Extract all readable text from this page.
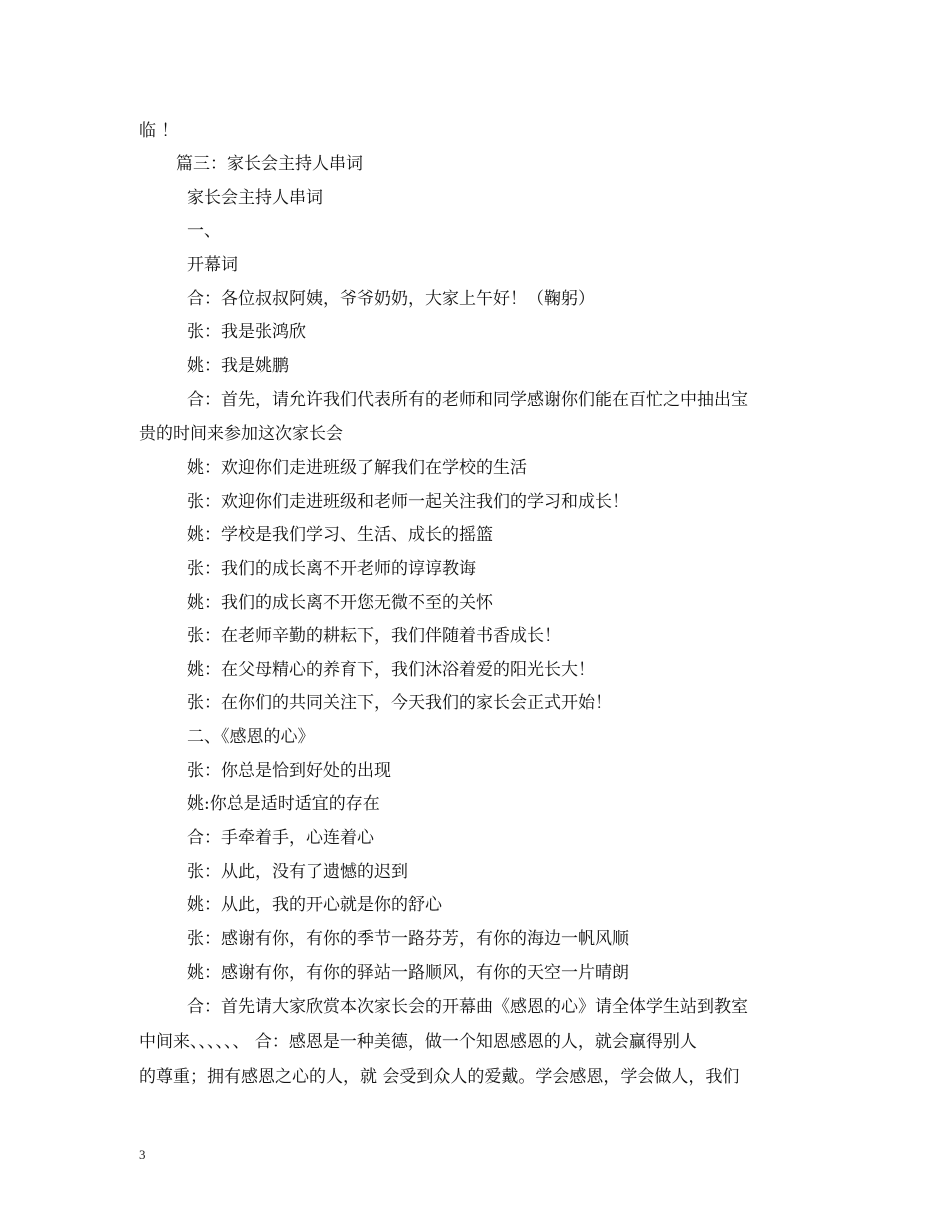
临 ！
篇三：家长会主持人串词
家长会主持人串词
一、
开幕词
合：各位叔叔阿姨，爷爷奶奶，大家上午好！（鞠躬）
张：我是张鸿欣
姚：我是姚鹏
合：首先，请允许我们代表所有的老师和同学感谢你们能在百忙之中抽出宝
贵的时间来参加这次家长会
姚：欢迎你们走进班级了解我们在学校的生活
张：欢迎你们走进班级和老师一起关注我们的学习和成长！
姚：学校是我们学习、生活、成长的摇篮
张：我们的成长离不开老师的谆谆教诲
姚：我们的成长离不开您无微不至的关怀
张：在老师辛勤的耕耘下，我们伴随着书香成长！
姚：在父母精心的养育下，我们沐浴着爱的阳光长大！
张：在你们的共同关注下，今天我们的家长会正式开始！
二、《感恩的心》
张：你总是恰到好处的出现
姚:你总是适时适宜的存在
合：手牵着手，心连着心
张：从此，没有了遗憾的迟到
姚：从此，我的开心就是你的舒心
张：感谢有你，有你的季节一路芬芳，有你的海边一帆风顺
姚：感谢有你，有你的驿站一路顺风，有你的天空一片晴朗
合：首先请大家欣赏本次家长会的开幕曲《感恩的心》请全体学生站到教室
中间来、、、、、、 合：感恩是一种美德，做一个知恩感恩的人，就会赢得别人
的尊重；拥有感恩之心的人，就 会受到众人的爱戴。学会感恩，学会做人，我们
3
